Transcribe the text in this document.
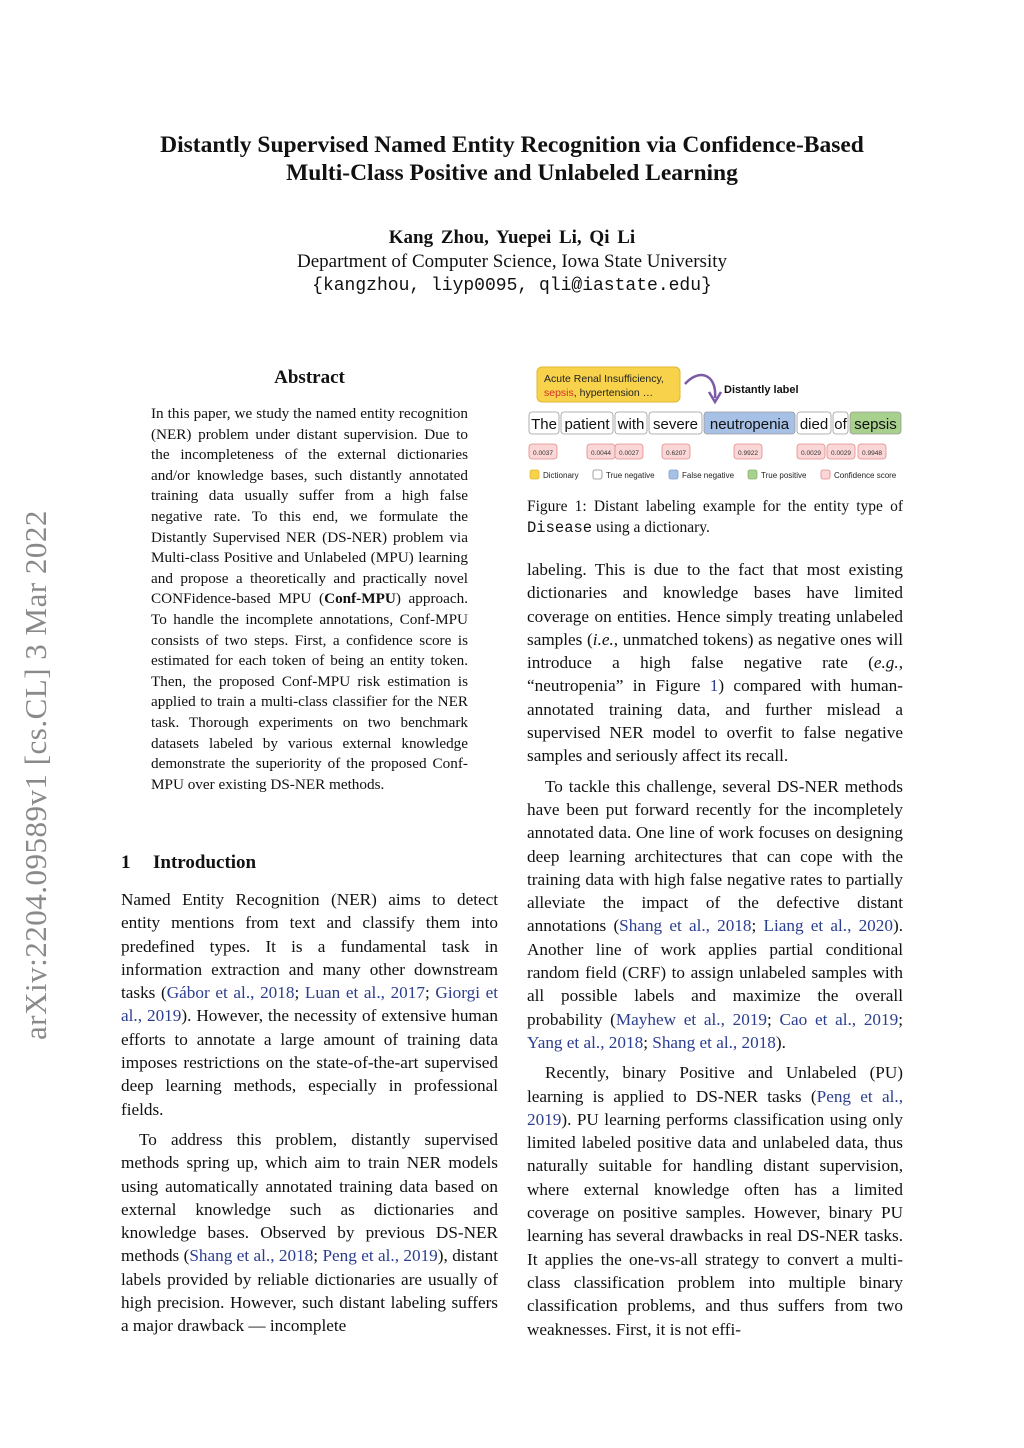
arXiv:2204.09589v1 [cs.CL] 3 Mar 2022
Distantly Supervised Named Entity Recognition via Confidence-Based
Multi-Class Positive and Unlabeled Learning
Kang Zhou, Yuepei Li, Qi Li
Department of Computer Science, Iowa State University
{kangzhou, liyp0095, qli@iastate.edu}
Abstract
In this paper, we study the named entity recognition (NER) problem under distant supervision. Due to the incompleteness of the external dictionaries and/or knowledge bases, such distantly annotated training data usually suffer from a high false negative rate. To this end, we formulate the Distantly Supervised NER (DS-NER) problem via Multi-class Positive and Unlabeled (MPU) learning and propose a theoretically and practically novel CONFidence-based MPU (Conf-MPU) approach. To handle the incomplete annotations, Conf-MPU consists of two steps. First, a confidence score is estimated for each token of being an entity token. Then, the proposed Conf-MPU risk estimation is applied to train a multi-class classifier for the NER task. Thorough experiments on two benchmark datasets labeled by various external knowledge demonstrate the superiority of the proposed Conf-MPU over existing DS-NER methods.
1 Introduction

Named Entity Recognition (NER) aims to detect entity mentions from text and classify them into predefined types. It is a fundamental task in information extraction and many other downstream tasks (Gábor et al., 2018; Luan et al., 2017; Giorgi et al., 2019). However, the necessity of extensive human efforts to annotate a large amount of training data imposes restrictions on the state-of-the-art supervised deep learning methods, especially in professional fields.

To address this problem, distantly supervised methods spring up, which aim to train NER models using automatically annotated training data based on external knowledge such as dictionaries and knowledge bases. Observed by previous DS-NER methods (Shang et al., 2018; Peng et al., 2019), distant labels provided by reliable dictionaries are usually of high precision. However, such distant labeling suffers a major drawback — incomplete

Acute Renal Insufficiency,
sepsis, hypertension …	Distantly label
The patient with severe neutropenia died of sepsis
0.0037	0.0044 0.0027	0.6207	0.9922	0.0029 0.0029 0.9948
Dictionary	True negative	False negative	True positive	Confidence score
Figure 1: Distant labeling example for the entity type of Disease using a dictionary.

labeling. This is due to the fact that most existing dictionaries and knowledge bases have limited coverage on entities. Hence simply treating unlabeled samples (i.e., unmatched tokens) as negative ones will introduce a high false negative rate (e.g., “neutropenia” in Figure 1) compared with human-annotated training data, and further mislead a supervised NER model to overfit to false negative samples and seriously affect its recall.

To tackle this challenge, several DS-NER methods have been put forward recently for the incompletely annotated data. One line of work focuses on designing deep learning architectures that can cope with the training data with high false negative rates to partially alleviate the impact of the defective distant annotations (Shang et al., 2018; Liang et al., 2020). Another line of work applies partial conditional random field (CRF) to assign unlabeled samples with all possible labels and maximize the overall probability (Mayhew et al., 2019; Cao et al., 2019; Yang et al., 2018; Shang et al., 2018).

Recently, binary Positive and Unlabeled (PU) learning is applied to DS-NER tasks (Peng et al., 2019). PU learning performs classification using only limited labeled positive data and unlabeled data, thus naturally suitable for handling distant supervision, where external knowledge often has a limited coverage on positive samples. However, binary PU learning has several drawbacks in real DS-NER tasks. It applies the one-vs-all strategy to convert a multi-class classification problem into multiple binary classification problems, and thus suffers from two weaknesses. First, it is not effi-
